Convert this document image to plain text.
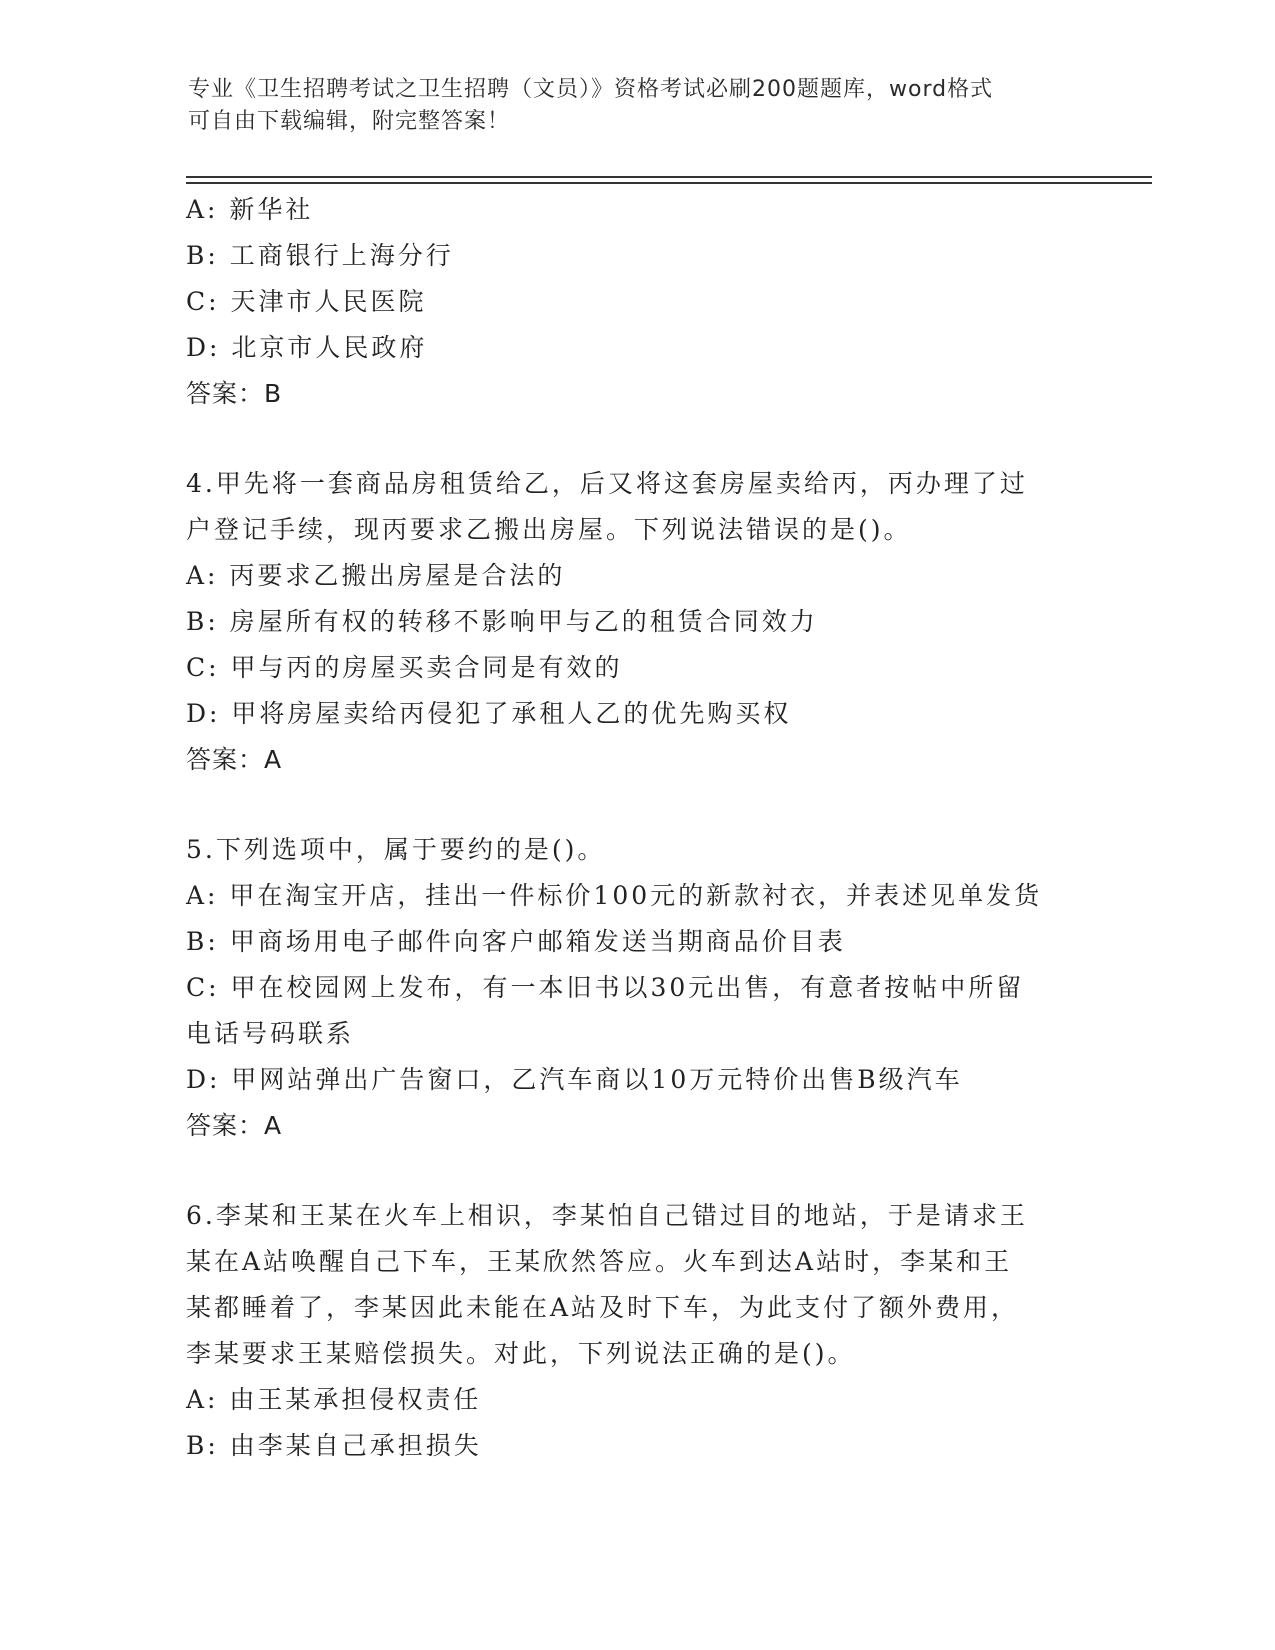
专业《卫生招聘考试之卫生招聘（文员）》资格考试必刷200题题库，word格式
可自由下载编辑，附完整答案！
A: 新华社
B: 工商银行上海分行
C: 天津市人民医院
D: 北京市人民政府
答案：B
4.甲先将一套商品房租赁给乙，后又将这套房屋卖给丙，丙办理了过
户登记手续，现丙要求乙搬出房屋。下列说法错误的是()。
A: 丙要求乙搬出房屋是合法的
B: 房屋所有权的转移不影响甲与乙的租赁合同效力
C: 甲与丙的房屋买卖合同是有效的
D: 甲将房屋卖给丙侵犯了承租人乙的优先购买权
答案：A
5.下列选项中，属于要约的是()。
A: 甲在淘宝开店，挂出一件标价100元的新款衬衣，并表述见单发货
B: 甲商场用电子邮件向客户邮箱发送当期商品价目表
C: 甲在校园网上发布，有一本旧书以30元出售，有意者按帖中所留
电话号码联系
D: 甲网站弹出广告窗口，乙汽车商以10万元特价出售B级汽车
答案：A
6.李某和王某在火车上相识，李某怕自己错过目的地站，于是请求王
某在A站唤醒自己下车，王某欣然答应。火车到达A站时，李某和王
某都睡着了，李某因此未能在A站及时下车，为此支付了额外费用，
李某要求王某赔偿损失。对此，下列说法正确的是()。
A: 由王某承担侵权责任
B: 由李某自己承担损失
